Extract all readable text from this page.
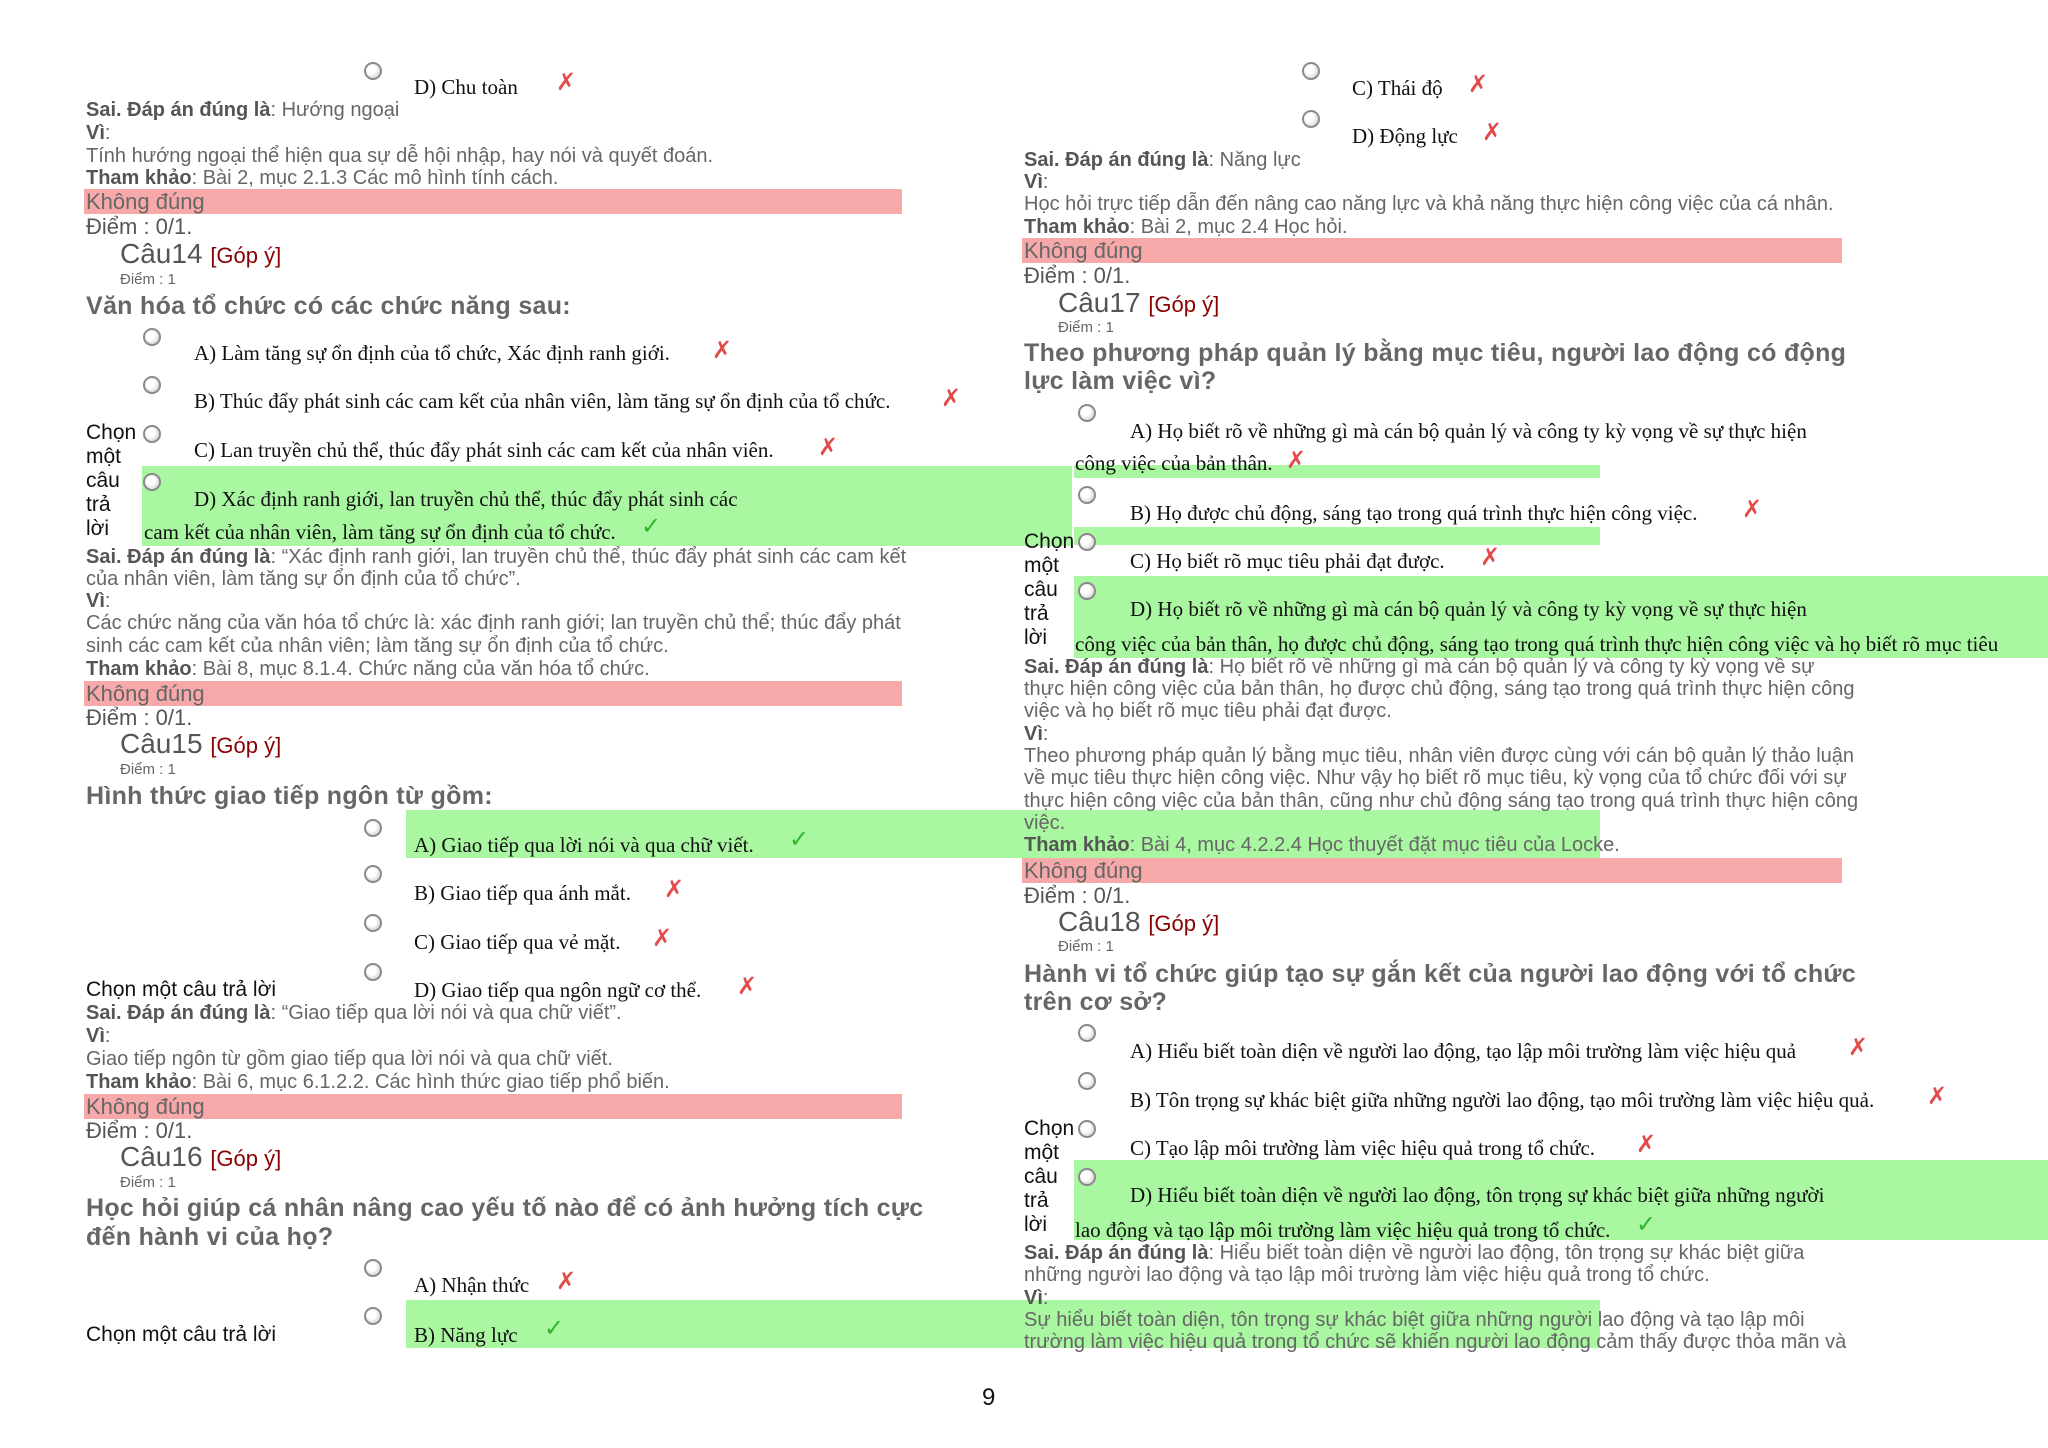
D) Chu toàn ✗
Sai. Đáp án đúng là: Hướng ngoại
Vì:
Tính hướng ngoại thể hiện qua sự dễ hội nhập, hay nói và quyết đoán.
Tham khảo: Bài 2, mục 2.1.3 Các mô hình tính cách.
Không đúng
Điểm : 0/1.
Câu14 [Góp ý]
Điểm : 1
Văn hóa tổ chức có các chức năng sau:
A) Làm tăng sự ổn định của tổ chức, Xác định ranh giới. ✗
B) Thúc đẩy phát sinh các cam kết của nhân viên, làm tăng sự ổn định của tổ chức. ✗
Chọn
một
câu
trả
lời
C) Lan truyền chủ thể, thúc đẩy phát sinh các cam kết của nhân viên. ✗
D) Xác định ranh giới, lan truyền chủ thể, thúc đẩy phát sinh các
cam kết của nhân viên, làm tăng sự ổn định của tổ chức. ✓
Sai. Đáp án đúng là: “Xác định ranh giới, lan truyền chủ thể, thúc đẩy phát sinh các cam kết
của nhân viên, làm tăng sự ổn định của tổ chức”.
Vì:
Các chức năng của văn hóa tổ chức là: xác định ranh giới; lan truyền chủ thể; thúc đẩy phát
sinh các cam kết của nhân viên; làm tăng sự ổn định của tổ chức.
Tham khảo: Bài 8, mục 8.1.4. Chức năng của văn hóa tổ chức.
Không đúng
Điểm : 0/1.
Câu15 [Góp ý]
Điểm : 1
Hình thức giao tiếp ngôn từ gồm:
A) Giao tiếp qua lời nói và qua chữ viết. ✓
B) Giao tiếp qua ánh mắt. ✗
C) Giao tiếp qua vẻ mặt. ✗
Chọn một câu trả lời	D) Giao tiếp qua ngôn ngữ cơ thể. ✗
Sai. Đáp án đúng là: “Giao tiếp qua lời nói và qua chữ viết”.
Vì:
Giao tiếp ngôn từ gồm giao tiếp qua lời nói và qua chữ viết.
Tham khảo: Bài 6, mục 6.1.2.2. Các hình thức giao tiếp phổ biến.
Không đúng
Điểm : 0/1.
Câu16 [Góp ý]
Điểm : 1
Học hỏi giúp cá nhân nâng cao yếu tố nào để có ảnh hưởng tích cực
đến hành vi của họ?
A) Nhận thức ✗
Chọn một câu trả lời	B) Năng lực ✓
C) Thái độ ✗
D) Động lực ✗
Sai. Đáp án đúng là: Năng lực
Vì:
Học hỏi trực tiếp dẫn đến nâng cao năng lực và khả năng thực hiện công việc của cá nhân.
Tham khảo: Bài 2, mục 2.4 Học hỏi.
Không đúng
Điểm : 0/1.
Câu17 [Góp ý]
Điểm : 1
Theo phương pháp quản lý bằng mục tiêu, người lao động có động
lực làm việc vì?
A) Họ biết rõ về những gì mà cán bộ quản lý và công ty kỳ vọng về sự thực hiện
công việc của bản thân. ✗
B) Họ được chủ động, sáng tạo trong quá trình thực hiện công việc. ✗
Chọn
một
câu
trả
lời
C) Họ biết rõ mục tiêu phải đạt được. ✗
D) Họ biết rõ về những gì mà cán bộ quản lý và công ty kỳ vọng về sự thực hiện
công việc của bản thân, họ được chủ động, sáng tạo trong quá trình thực hiện công việc và họ biết rõ mục tiêu
Sai. Đáp án đúng là: Họ biết rõ về những gì mà cán bộ quản lý và công ty kỳ vọng về sự
thực hiện công việc của bản thân, họ được chủ động, sáng tạo trong quá trình thực hiện công
việc và họ biết rõ mục tiêu phải đạt được.
Vì:
Theo phương pháp quản lý bằng mục tiêu, nhân viên được cùng với cán bộ quản lý thảo luận
về mục tiêu thực hiện công việc. Như vậy họ biết rõ mục tiêu, kỳ vọng của tổ chức đối với sự
thực hiện công việc của bản thân, cũng như chủ động sáng tạo trong quá trình thực hiện công
việc.
Tham khảo: Bài 4, mục 4.2.2.4 Học thuyết đặt mục tiêu của Locke.
Không đúng
Điểm : 0/1.
Câu18 [Góp ý]
Điểm : 1
Hành vi tổ chức giúp tạo sự gắn kết của người lao động với tổ chức
trên cơ sở?
A) Hiểu biết toàn diện về người lao động, tạo lập môi trường làm việc hiệu quả ✗
B) Tôn trọng sự khác biệt giữa những người lao động, tạo môi trường làm việc hiệu quả. ✗
Chọn
một
câu
trả
lời
C) Tạo lập môi trường làm việc hiệu quả trong tổ chức. ✗
D) Hiểu biết toàn diện về người lao động, tôn trọng sự khác biệt giữa những người
lao động và tạo lập môi trường làm việc hiệu quả trong tổ chức. ✓
Sai. Đáp án đúng là: Hiểu biết toàn diện về người lao động, tôn trọng sự khác biệt giữa
những người lao động và tạo lập môi trường làm việc hiệu quả trong tổ chức.
Vì:
Sự hiểu biết toàn diện, tôn trọng sự khác biệt giữa những người lao động và tạo lập môi
trường làm việc hiệu quả trong tổ chức sẽ khiến người lao động cảm thấy được thỏa mãn và
9
